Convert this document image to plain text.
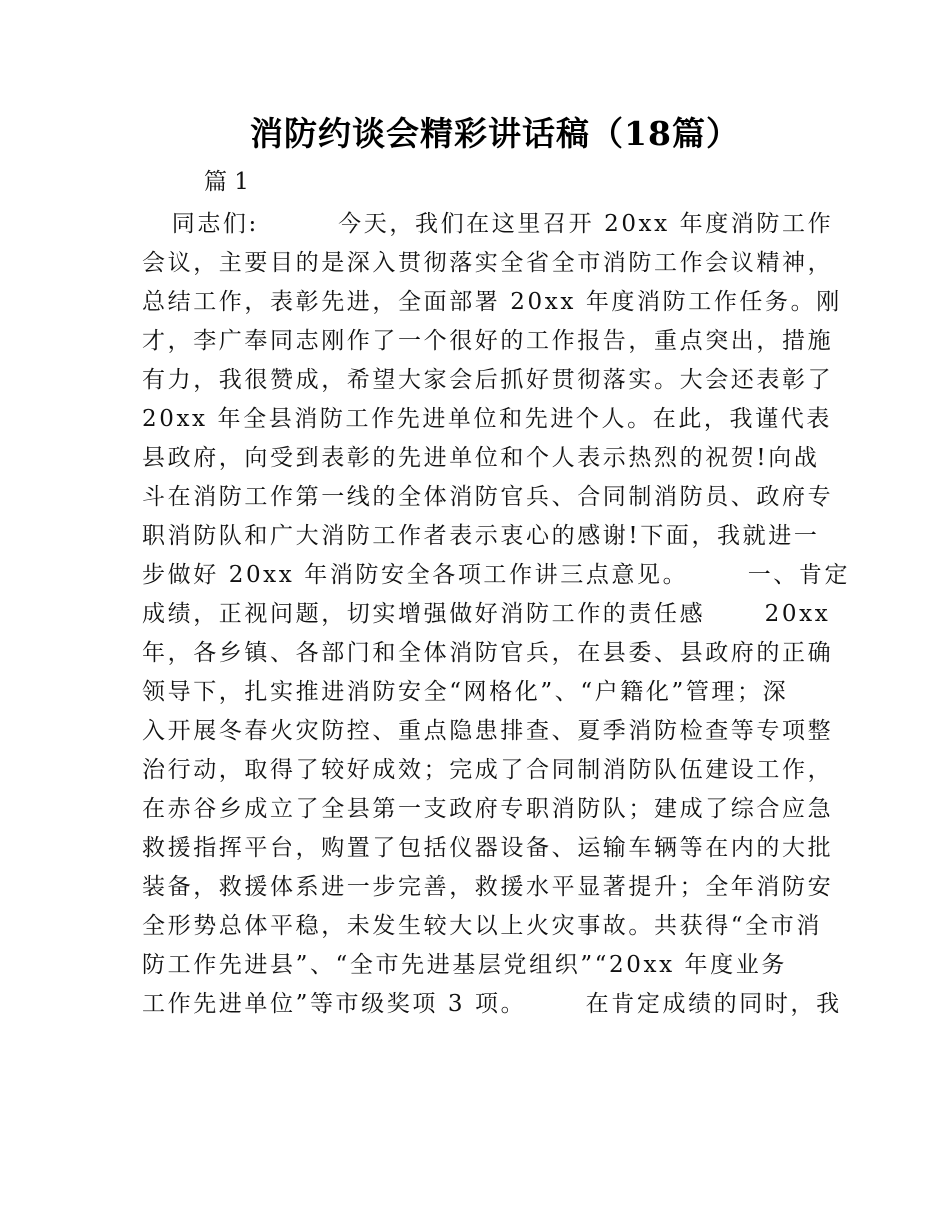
消防约谈会精彩讲话稿（18篇）
篇 1
同志们:        今天，我们在这里召开 20xx 年度消防工作
会议，主要目的是深入贯彻落实全省全市消防工作会议精神，
总结工作，表彰先进，全面部署 20xx 年度消防工作任务。刚
才，李广奉同志刚作了一个很好的工作报告，重点突出，措施
有力，我很赞成，希望大家会后抓好贯彻落实。大会还表彰了
20xx 年全县消防工作先进单位和先进个人。在此，我谨代表
县政府，向受到表彰的先进单位和个人表示热烈的祝贺!向战
斗在消防工作第一线的全体消防官兵、合同制消防员、政府专
职消防队和广大消防工作者表示衷心的感谢!下面，我就进一
步做好 20xx 年消防安全各项工作讲三点意见。      一、肯定
成绩，正视问题，切实增强做好消防工作的责任感      20xx
年，各乡镇、各部门和全体消防官兵，在县委、县政府的正确
领导下，扎实推进消防安全“网格化”、“户籍化”管理；深
入开展冬春火灾防控、重点隐患排查、夏季消防检查等专项整
治行动，取得了较好成效；完成了合同制消防队伍建设工作，
在赤谷乡成立了全县第一支政府专职消防队；建成了综合应急
救援指挥平台，购置了包括仪器设备、运输车辆等在内的大批
装备，救援体系进一步完善，救援水平显著提升；全年消防安
全形势总体平稳，未发生较大以上火灾事故。共获得“全市消
防工作先进县”、“全市先进基层党组织”“20xx 年度业务
工作先进单位”等市级奖项 3 项。      在肯定成绩的同时，我
